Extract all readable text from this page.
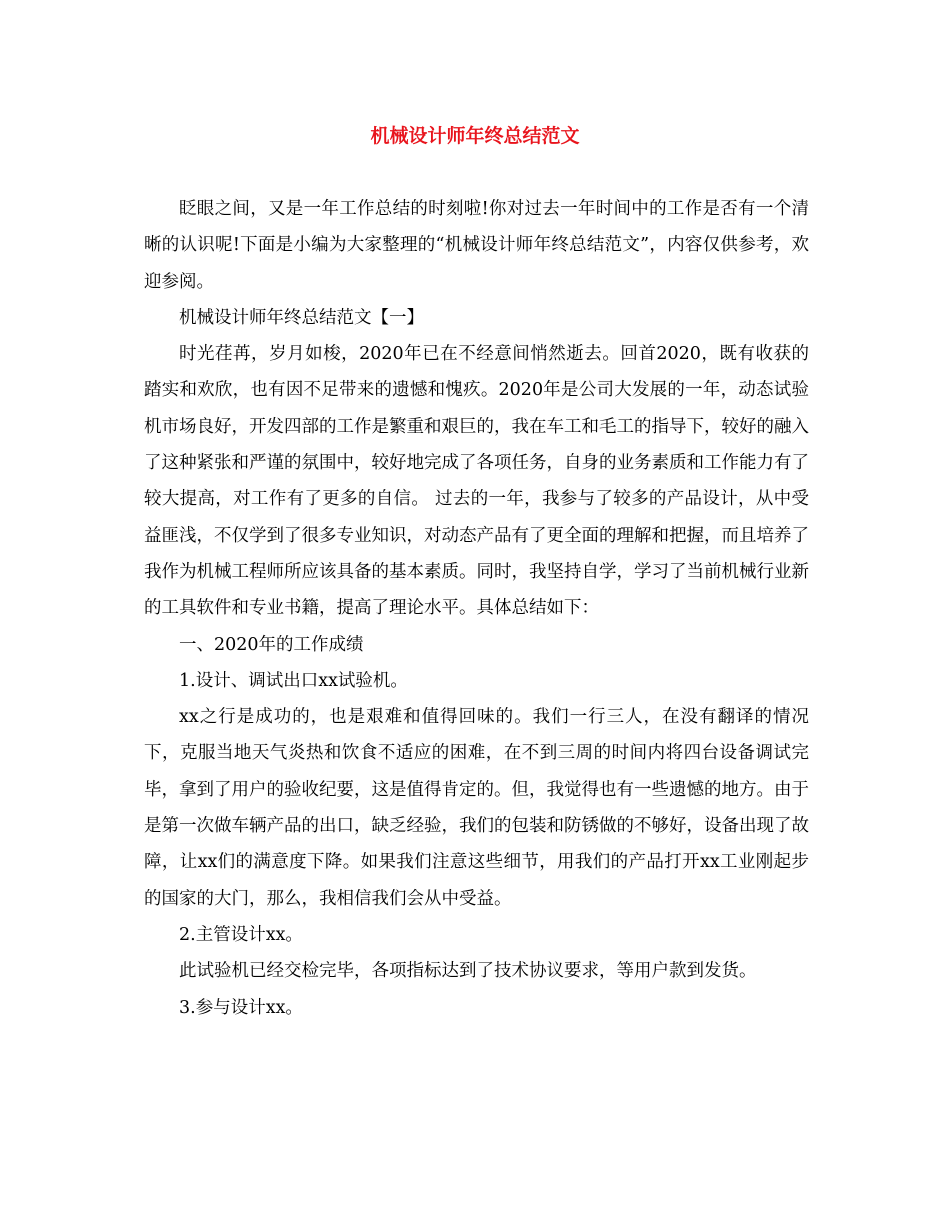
机械设计师年终总结范文

眨眼之间，又是一年工作总结的时刻啦!你对过去一年时间中的工作是否有一个清晰的认识呢!下面是小编为大家整理的“机械设计师年终总结范文”，内容仅供参考，欢迎参阅。

机械设计师年终总结范文【一】

时光荏苒，岁月如梭，2020年已在不经意间悄然逝去。回首2020，既有收获的踏实和欢欣，也有因不足带来的遗憾和愧疚。2020年是公司大发展的一年，动态试验机市场良好，开发四部的工作是繁重和艰巨的，我在车工和毛工的指导下，较好的融入了这种紧张和严谨的氛围中，较好地完成了各项任务，自身的业务素质和工作能力有了较大提高，对工作有了更多的自信。 过去的一年，我参与了较多的产品设计，从中受益匪浅，不仅学到了很多专业知识，对动态产品有了更全面的理解和把握，而且培养了我作为机械工程师所应该具备的基本素质。同时，我坚持自学，学习了当前机械行业新的工具软件和专业书籍，提高了理论水平。具体总结如下：

一、2020年的工作成绩

1.设计、调试出口xx试验机。

xx之行是成功的，也是艰难和值得回味的。我们一行三人，在没有翻译的情况下，克服当地天气炎热和饮食不适应的困难，在不到三周的时间内将四台设备调试完毕，拿到了用户的验收纪要，这是值得肯定的。但，我觉得也有一些遗憾的地方。由于是第一次做车辆产品的出口，缺乏经验，我们的包装和防锈做的不够好，设备出现了故障，让xx们的满意度下降。如果我们注意这些细节，用我们的产品打开xx工业刚起步的国家的大门，那么，我相信我们会从中受益。

2.主管设计xx。

此试验机已经交检完毕，各项指标达到了技术协议要求，等用户款到发货。

3.参与设计xx。
